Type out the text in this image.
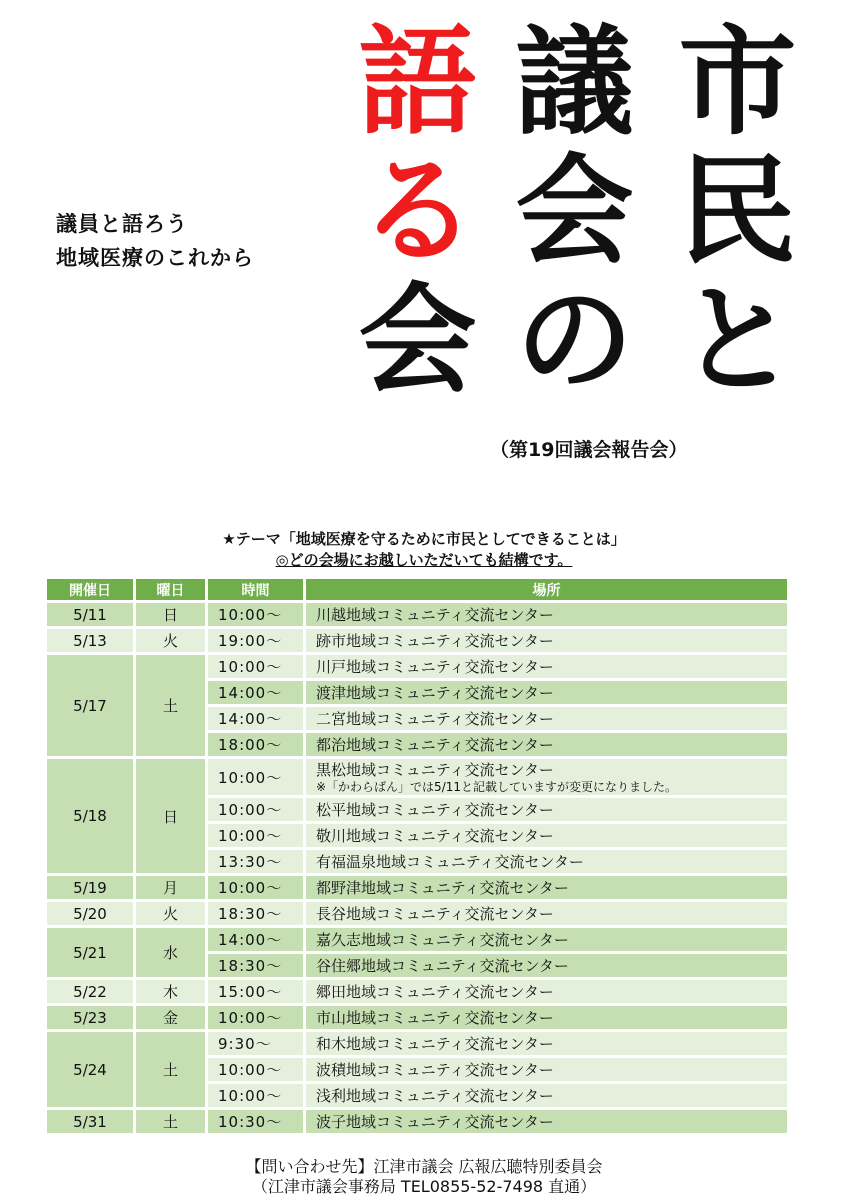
議員と語ろう
地域医療のこれから
市
民
と
議
会
の
語
る
会
（第19回議会報告会）
★テーマ「地域医療を守るために市民としてできることは」
◎どの会場にお越しいただいても結構です。
開催日	曜日	時間	場所
5/11	日	10:00〜	川越地域コミュニティ交流センター
5/13	火	19:00〜	跡市地域コミュニティ交流センター
5/17	土	10:00〜	川戸地域コミュニティ交流センター
		14:00〜	渡津地域コミュニティ交流センター
		14:00〜	二宮地域コミュニティ交流センター
		18:00〜	都治地域コミュニティ交流センター
5/18	日	10:00〜	黒松地域コミュニティ交流センター
※「かわらばん」では5/11と記載していますが変更になりました。

		10:00〜	松平地域コミュニティ交流センター
		10:00〜	敬川地域コミュニティ交流センター
		13:30〜	有福温泉地域コミュニティ交流センター
5/19	月	10:00〜	都野津地域コミュニティ交流センター
5/20	火	18:30〜	長谷地域コミュニティ交流センター
5/21	水	14:00〜	嘉久志地域コミュニティ交流センター
		18:30〜	谷住郷地域コミュニティ交流センター
5/22	木	15:00〜	郷田地域コミュニティ交流センター
5/23	金	10:00〜	市山地域コミュニティ交流センター
5/24	土	9:30〜	和木地域コミュニティ交流センター
		10:00〜	波積地域コミュニティ交流センター
		10:00〜	浅利地域コミュニティ交流センター
5/31	土	10:30〜	波子地域コミュニティ交流センター
【問い合わせ先】江津市議会 広報広聴特別委員会
（江津市議会事務局 TEL0855-52-7498 直通）
